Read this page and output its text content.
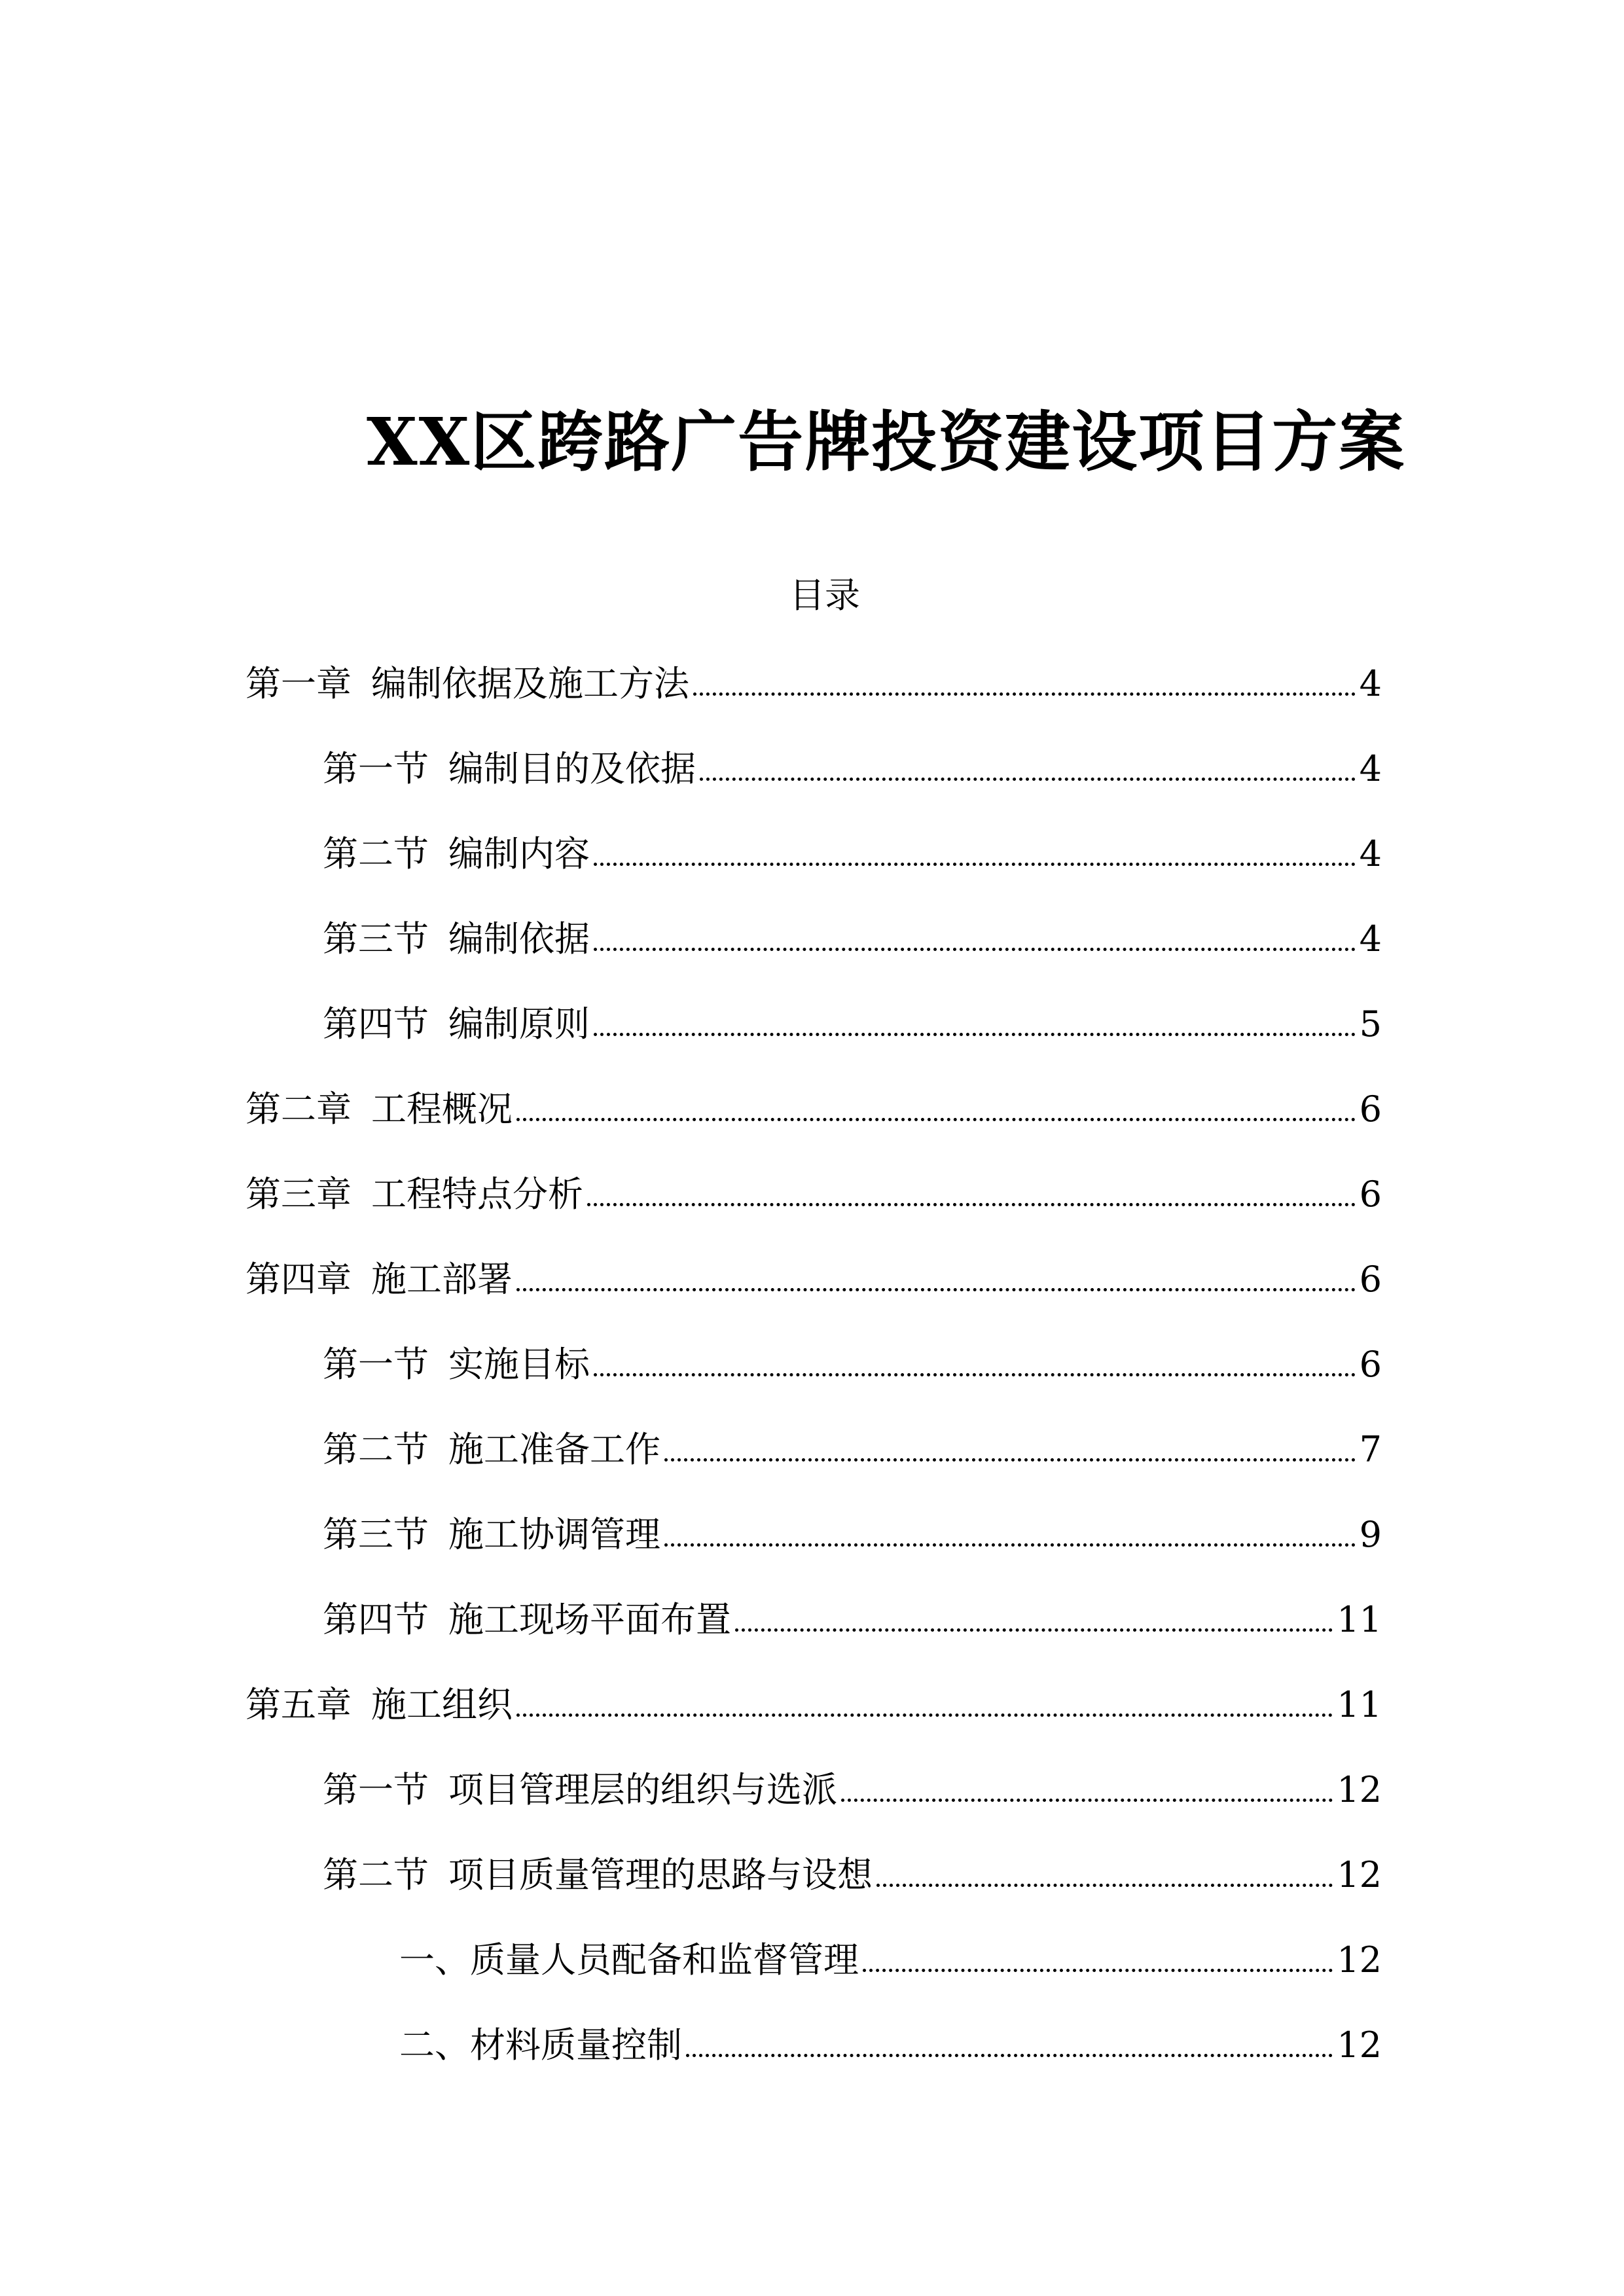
XX区跨路广告牌投资建设项目方案
目录
第一章 编制依据及施工方法	4
第一节 编制目的及依据	4
第二节 编制内容	4
第三节 编制依据	4
第四节 编制原则	5
第二章 工程概况	6
第三章 工程特点分析	6
第四章 施工部署	6
第一节 实施目标	6
第二节 施工准备工作	7
第三节 施工协调管理	9
第四节 施工现场平面布置	11
第五章 施工组织	11
第一节 项目管理层的组织与选派	12
第二节 项目质量管理的思路与设想	12
一、 质量人员配备和监督管理	12
二、 材料质量控制	12
